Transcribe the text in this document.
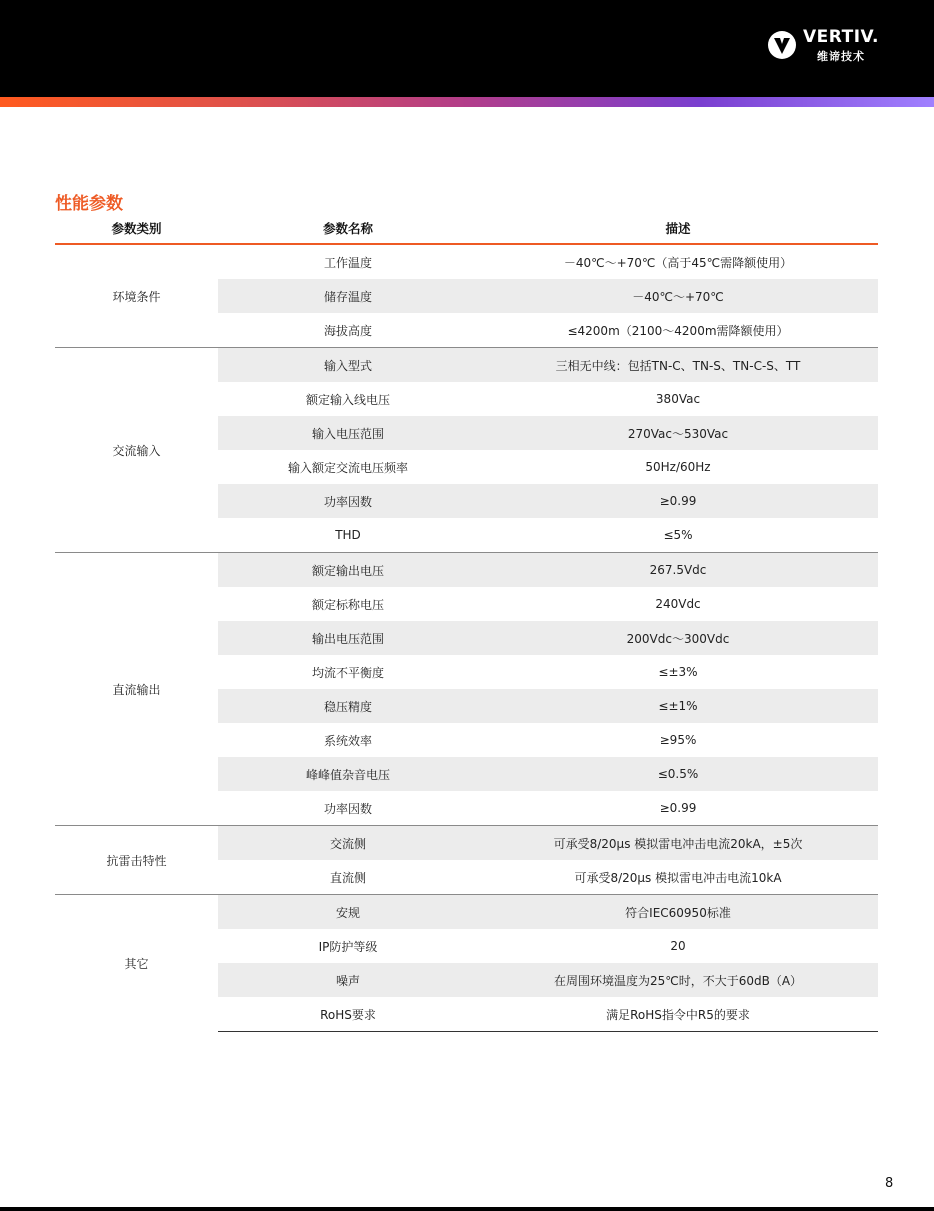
VERTIV.
维谛技术
性能参数
参数类别	参数名称	描述
环境条件	工作温度	－40℃～+70℃（高于45℃需降额使用）
	储存温度	－40℃～+70℃
	海拔高度	≤4200m（2100～4200m需降额使用）
交流输入	输入型式	三相无中线：包括TN-C、TN-S、TN-C-S、TT
	额定输入线电压	380Vac
	输入电压范围	270Vac～530Vac
	输入额定交流电压频率	50Hz/60Hz
	功率因数	≥0.99
	THD	≤5%
直流输出	额定输出电压	267.5Vdc
	额定标称电压	240Vdc
	输出电压范围	200Vdc～300Vdc
	均流不平衡度	≤±3%
	稳压精度	≤±1%
	系统效率	≥95%
	峰峰值杂音电压	≤0.5%
	功率因数	≥0.99
抗雷击特性	交流侧	可承受8/20μs 模拟雷电冲击电流20kA，±5次
	直流侧	可承受8/20μs 模拟雷电冲击电流10kA
其它	安规	符合IEC60950标准
	IP防护等级	20
	噪声	在周围环境温度为25℃时，不大于60dB（A）
	RoHS要求	满足RoHS指令中R5的要求
8
